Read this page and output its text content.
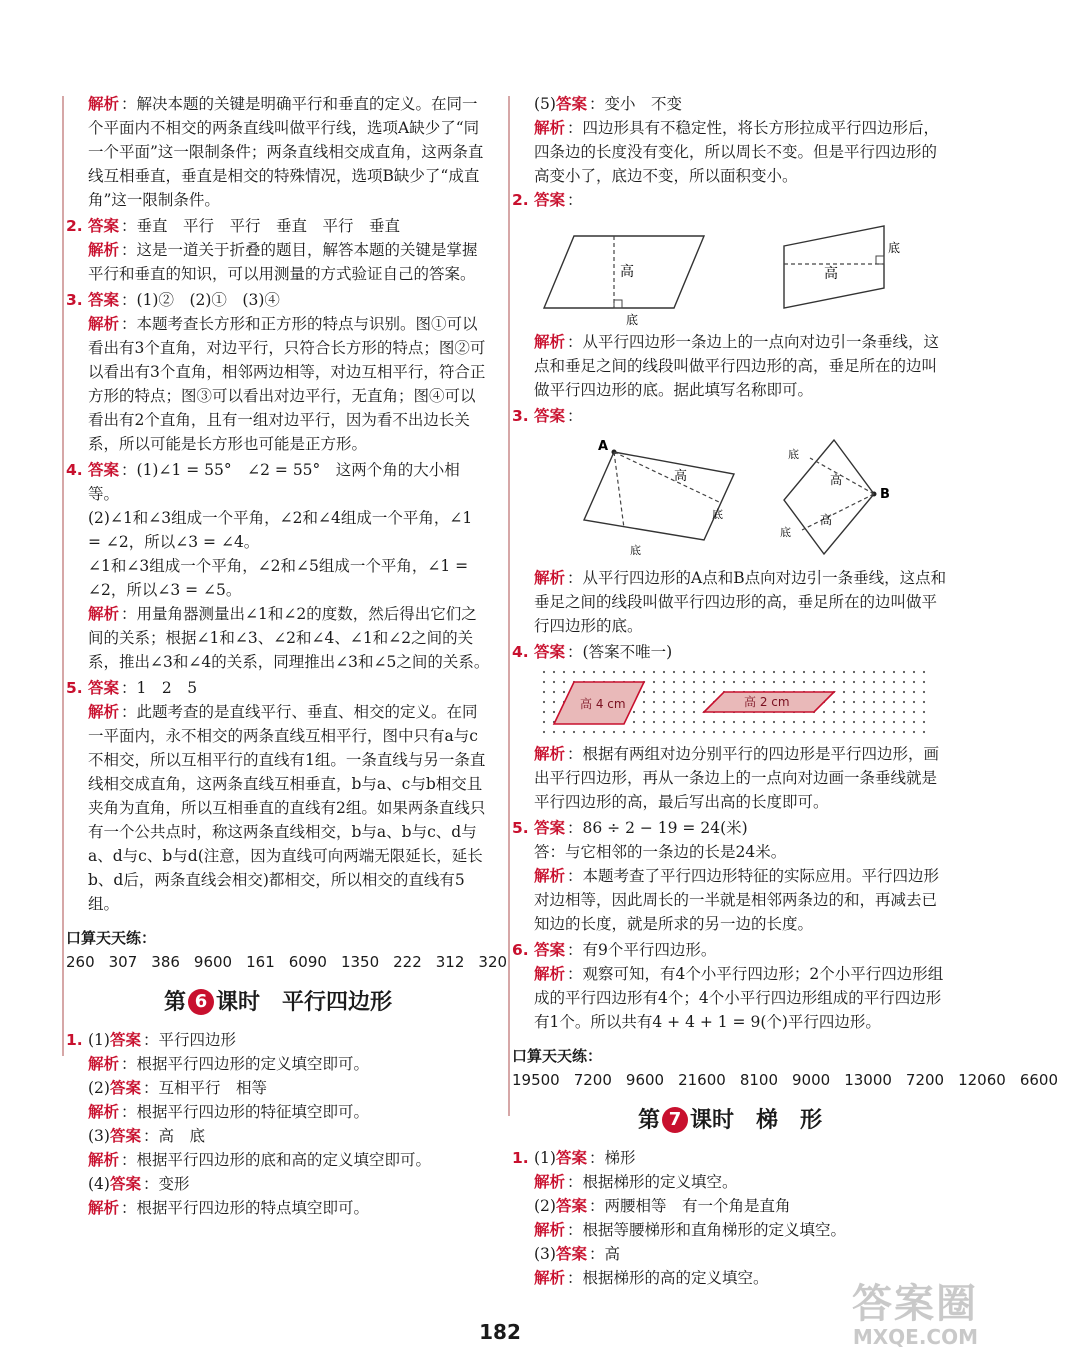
解析 ：解决本题的关键是明确平行和垂直的定义。在同一个平面内不相交的两条直线叫做平行线，选项A缺少了“同一个平面”这一限制条件；两条直线相交成直角，这两条直线互相垂直，垂直是相交的特殊情况，选项B缺少了“成直角”这一限制条件。
2. 答案 ：垂直　平行　平行　垂直　平行　垂直
解析 ：这是一道关于折叠的题目，解答本题的关键是掌握平行和垂直的知识，可以用测量的方式验证自己的答案。
3. 答案 ：(1)②　(2)①　(3)④
解析 ：本题考查长方形和正方形的特点与识别。图①可以看出有3个直角，对边平行，只符合长方形的特点；图②可以看出有3个直角，相邻两边相等，对边互相平行，符合正方形的特点；图③可以看出对边平行，无直角；图④可以看出有2个直角，且有一组对边平行，因为看不出边长关系，所以可能是长方形也可能是正方形。
4. 答案 ：(1)∠1 = 55°　∠2 = 55°　这两个角的大小相等。
(2)∠1和∠3组成一个平角，∠2和∠4组成一个平角，∠1 = ∠2，所以∠3 = ∠4。
∠1和∠3组成一个平角，∠2和∠5组成一个平角，∠1 = ∠2，所以∠3 = ∠5。
解析 ：用量角器测量出∠1和∠2的度数，然后得出它们之间的关系；根据∠1和∠3、∠2和∠4、∠1和∠2之间的关系，推出∠3和∠4的关系，同理推出∠3和∠5之间的关系。
5. 答案 ：1　2　5
解析 ：此题考查的是直线平行、垂直、相交的定义。在同一平面内，永不相交的两条直线互相平行，图中只有a与c不相交，所以互相平行的直线有1组。一条直线与另一条直线相交成直角，这两条直线互相垂直，b与a、c与b相交且夹角为直角，所以互相垂直的直线有2组。如果两条直线只有一个公共点时，称这两条直线相交，b与a、b与c、d与a、d与c、b与d(注意，因为直线可向两端无限延长，延长b、d后，两条直线会相交)都相交，所以相交的直线有5组。
口算天天练：260 307 386 9600 161 6090 1350 222 312 320
第 6 课时　平行四边形
1. (1)答案 ：平行四边形
解析 ：根据平行四边形的定义填空即可。
(2)答案 ：互相平行　相等
解析 ：根据平行四边形的特征填空即可。
(3)答案 ：高　底
解析 ：根据平行四边形的底和高的定义填空即可。
(4)答案 ：变形
解析 ：根据平行四边形的特点填空即可。
(5)答案 ：变小　不变
解析 ：四边形具有不稳定性，将长方形拉成平行四边形后，四条边的长度没有变化，所以周长不变。但是平行四边形的高变小了，底边不变，所以面积变小。
2. 答案 ：
高
底
高
底
解析 ：从平行四边形一条边上的一点向对边引一条垂线，这点和垂足之间的线段叫做平行四边形的高，垂足所在的边叫做平行四边形的底。据此填写名称即可。
3. 答案 ：
A
高
底
底
B
高
高
底
底
解析 ：从平行四边形的A点和B点向对边引一条垂线，这点和垂足之间的线段叫做平行四边形的高，垂足所在的边叫做平行四边形的底。
4. 答案 ：(答案不唯一)
高 4 cm	高 2 cm
解析 ：根据有两组对边分别平行的四边形是平行四边形，画出平行四边形，再从一条边上的一点向对边画一条垂线就是平行四边形的高，最后写出高的长度即可。
5. 答案 ：86 ÷ 2 − 19 = 24(米)
答：与它相邻的一条边的长是24米。
解析 ：本题考查了平行四边形特征的实际应用。平行四边形对边相等，因此周长的一半就是相邻两条边的和，再减去已知边的长度，就是所求的另一边的长度。
6. 答案 ：有9个平行四边形。
解析 ：观察可知，有4个小平行四边形；2个小平行四边形组成的平行四边形有4个；4个小平行四边形组成的平行四边形有1个。所以共有4 + 4 + 1 = 9(个)平行四边形。
口算天天练：19500 7200 9600 21600 8100 9000 13000 7200 12060 6600
第 7 课时　梯　形
1. (1)答案 ：梯形
解析 ：根据梯形的定义填空。
(2)答案 ：两腰相等　有一个角是直角
解析 ：根据等腰梯形和直角梯形的定义填空。
(3)答案 ：高
解析 ：根据梯形的高的定义填空。
182
答案圈
MXQE.COM
